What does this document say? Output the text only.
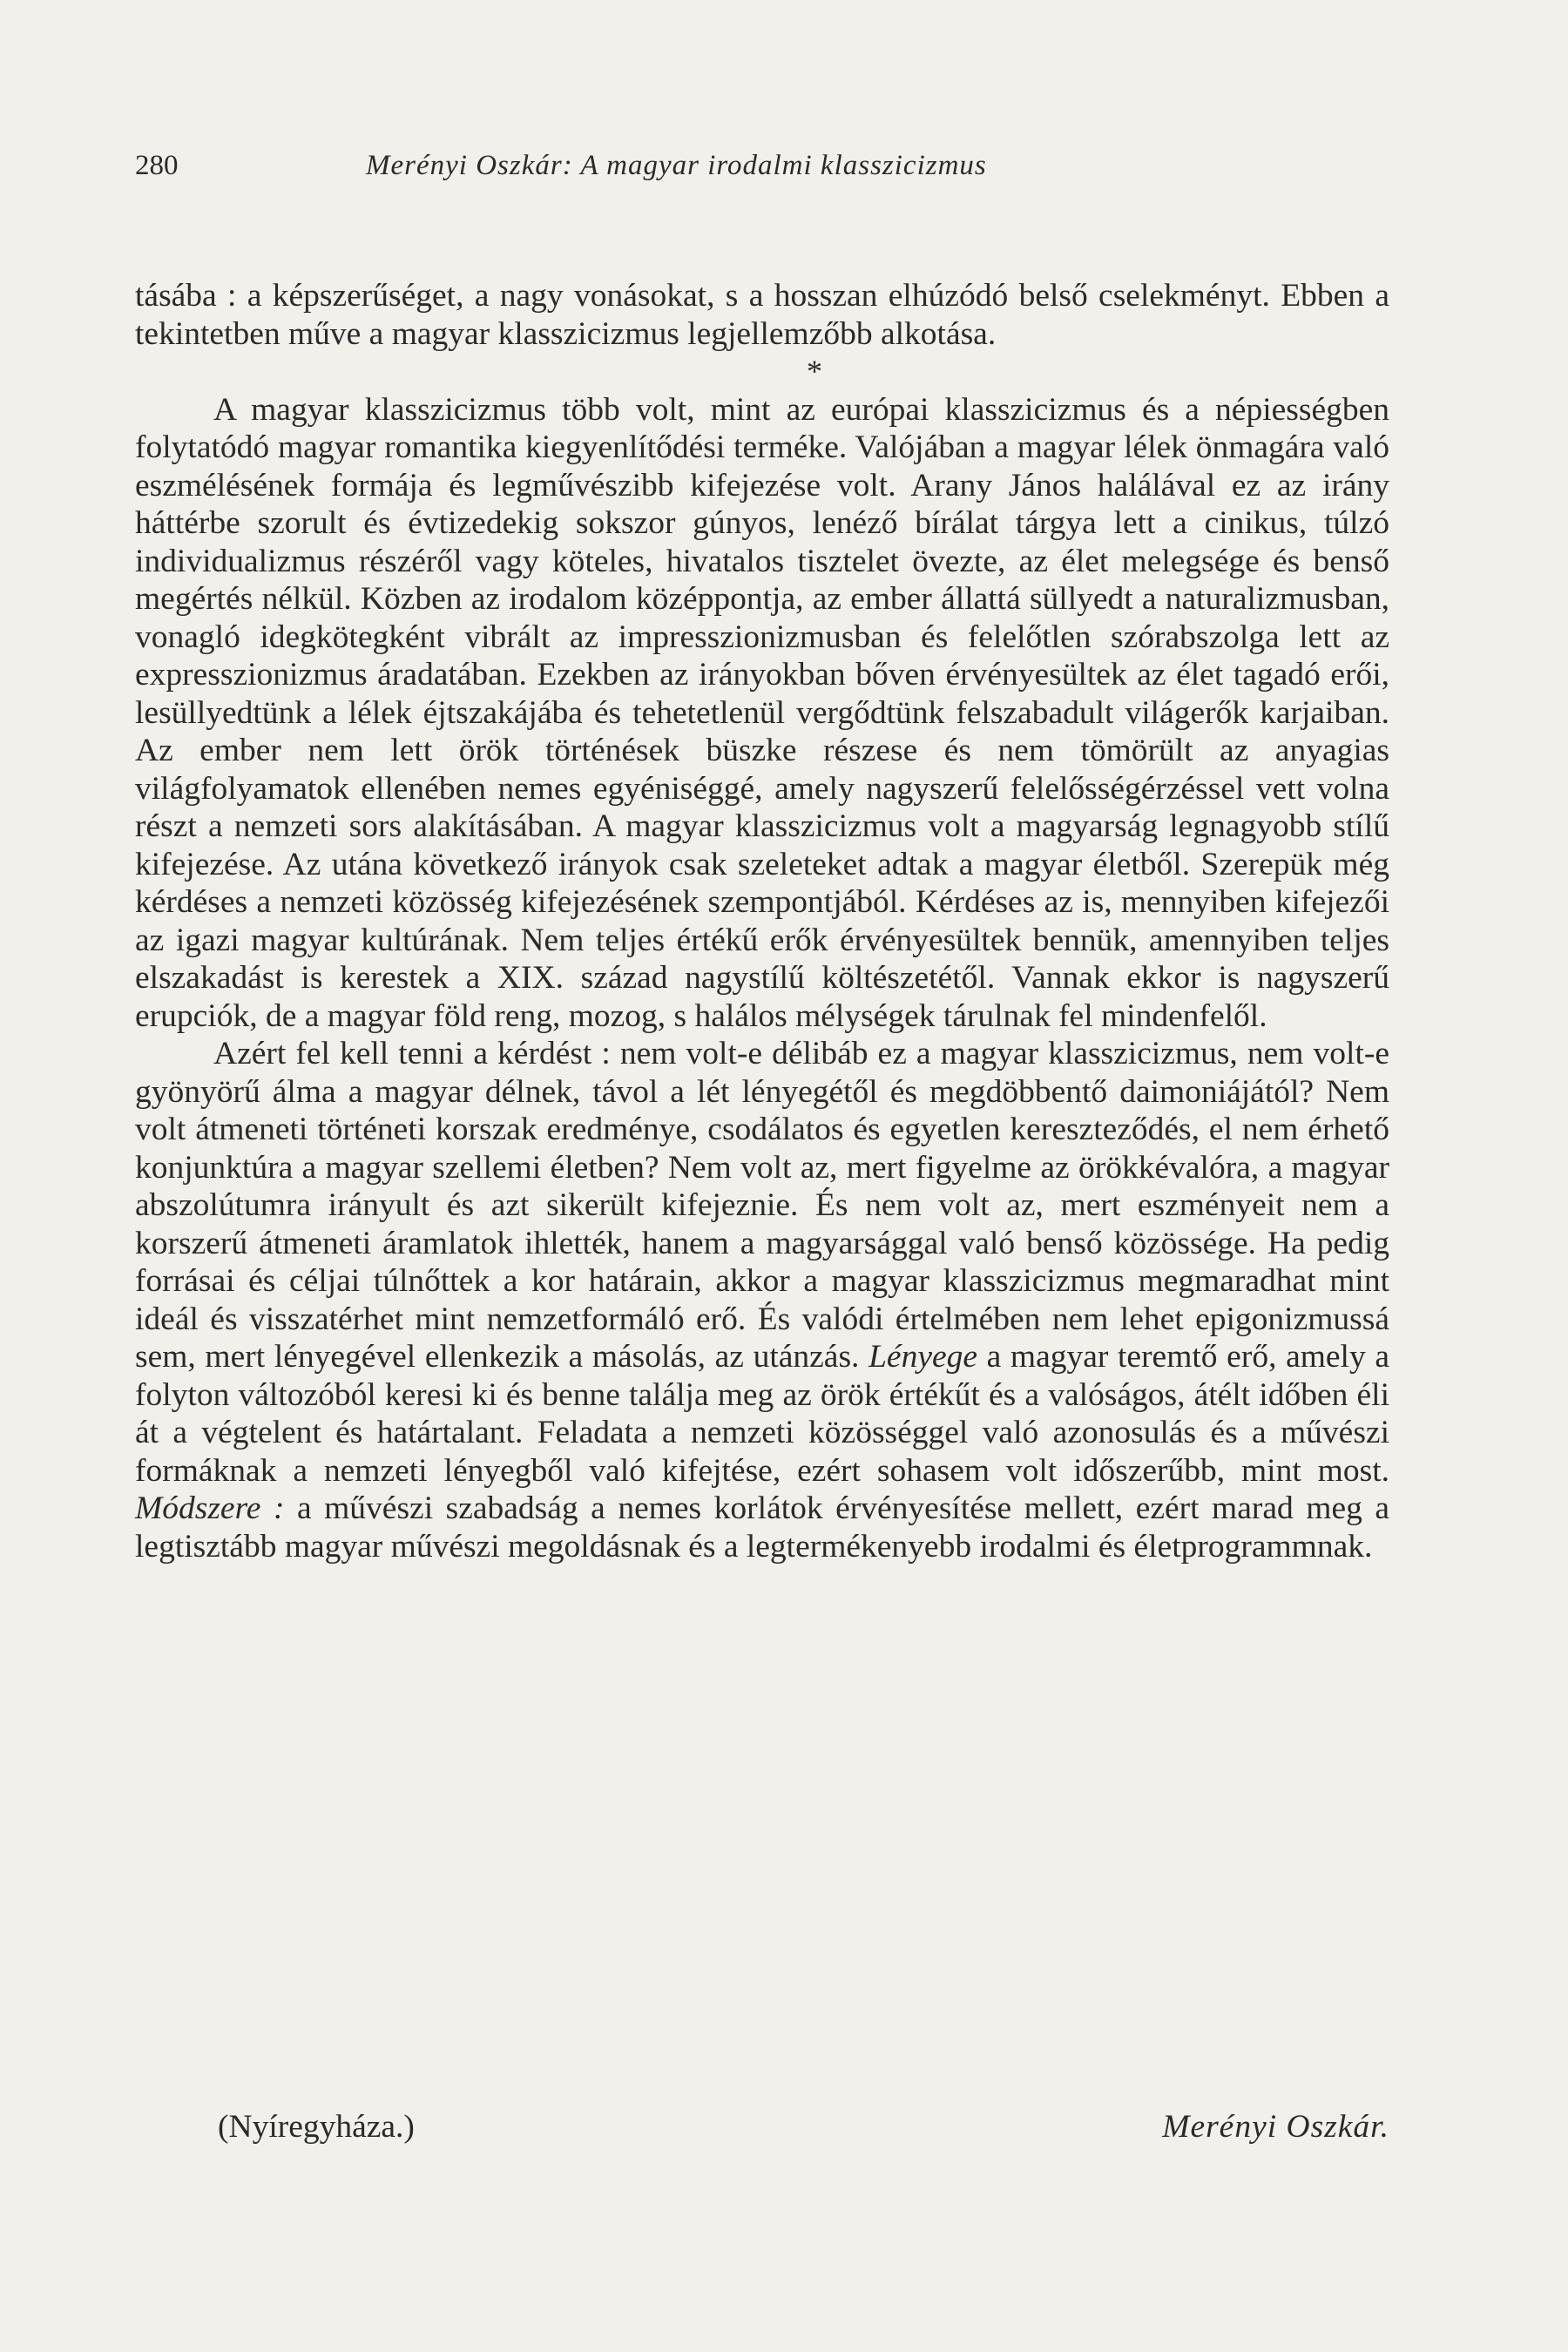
280	Merényi Oszkár: A magyar irodalmi klasszicizmus

tásába : a képszerűséget, a nagy vonásokat, s a hosszan elhúzódó belső cselekményt. Ebben a tekintetben műve a magyar klasszicizmus legjellemzőbb alkotása.

*

A magyar klasszicizmus több volt, mint az európai klasszicizmus és a népiességben folytatódó magyar romantika kiegyenlítődési terméke. Valójában a magyar lélek önmagára való eszmélésének formája és legművészibb kifejezése volt. Arany János halálával ez az irány háttérbe szorult és évtizedekig sokszor gúnyos, lenéző bírálat tárgya lett a cinikus, túlzó individualizmus részéről vagy köteles, hivatalos tisztelet övezte, az élet melegsége és benső megértés nélkül. Közben az irodalom középpontja, az ember állattá süllyedt a naturalizmusban, vonagló idegkötegként vibrált az impresszionizmusban és felelőtlen szórabszolga lett az expresszionizmus áradatában. Ezekben az irányokban bőven érvényesültek az élet tagadó erői, lesüllyedtünk a lélek éjtszakájába és tehetetlenül vergődtünk felszabadult világerők karjaiban. Az ember nem lett örök történések büszke részese és nem tömörült az anyagias világfolyamatok ellenében nemes egyéniséggé, amely nagyszerű felelősségérzéssel vett volna részt a nemzeti sors alakításában. A magyar klasszicizmus volt a magyarság legnagyobb stílű kifejezése. Az utána következő irányok csak szeleteket adtak a magyar életből. Szerepük még kérdéses a nemzeti közösség kifejezésének szempontjából. Kérdéses az is, mennyiben kifejezői az igazi magyar kultúrának. Nem teljes értékű erők érvényesültek bennük, amennyiben teljes elszakadást is kerestek a XIX. század nagystílű költészetétől. Vannak ekkor is nagyszerű erupciók, de a magyar föld reng, mozog, s halálos mélységek tárulnak fel mindenfelől.

Azért fel kell tenni a kérdést : nem volt-e délibáb ez a magyar klasszicizmus, nem volt-e gyönyörű álma a magyar délnek, távol a lét lényegétől és megdöbbentő daimoniájától? Nem volt átmeneti történeti korszak eredménye, csodálatos és egyetlen kereszteződés, el nem érhető konjunktúra a magyar szellemi életben? Nem volt az, mert figyelme az örökkévalóra, a magyar abszolútumra irányult és azt sikerült kifejeznie. És nem volt az, mert eszményeit nem a korszerű átmeneti áramlatok ihlették, hanem a magyarsággal való benső közössége. Ha pedig forrásai és céljai túlnőttek a kor határain, akkor a magyar klasszicizmus megmaradhat mint ideál és visszatérhet mint nemzetformáló erő. És valódi értelmében nem lehet epigonizmussá sem, mert lényegével ellenkezik a másolás, az utánzás. Lényege a magyar teremtő erő, amely a folyton változóból keresi ki és benne találja meg az örök értékűt és a valóságos, átélt időben éli át a végtelent és határtalant. Feladata a nemzeti közösséggel való azonosulás és a művészi formáknak a nemzeti lényegből való kifejtése, ezért sohasem volt időszerűbb, mint most. Módszere : a művészi szabadság a nemes korlátok érvényesítése mellett, ezért marad meg a legtisztább magyar művészi megoldásnak és a legtermékenyebb irodalmi és életprogrammnak.

(Nyíregyháza.)	Merényi Oszkár.
